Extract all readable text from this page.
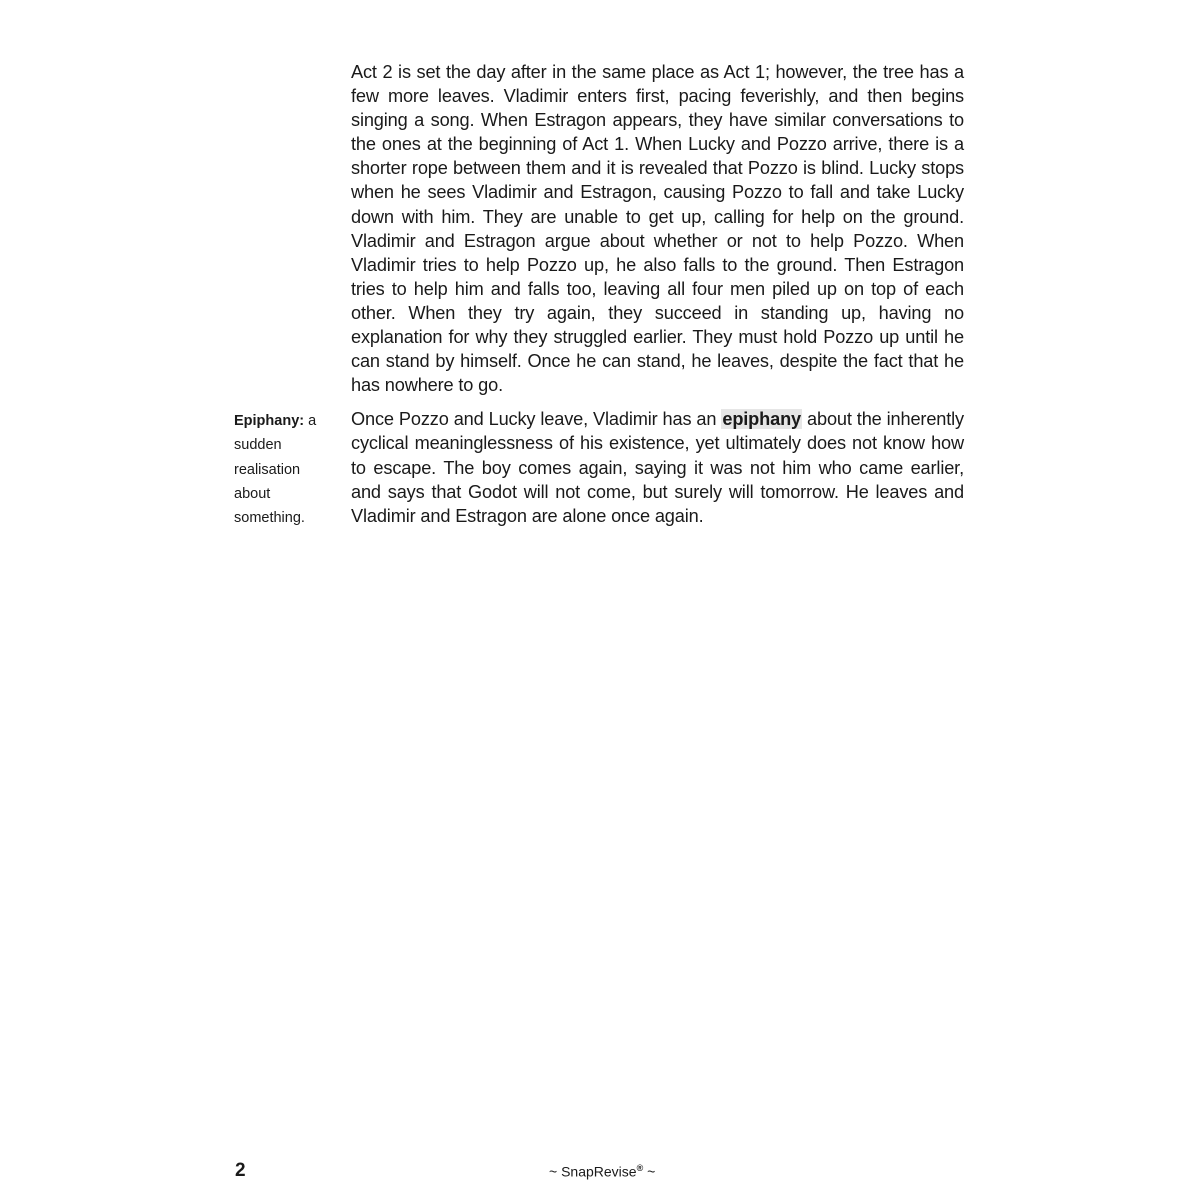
Act 2 is set the day after in the same place as Act 1; however, the tree has a few more leaves. Vladimir enters first, pacing feverishly, and then begins singing a song. When Estragon appears, they have similar conversations to the ones at the beginning of Act 1. When Lucky and Pozzo arrive, there is a shorter rope between them and it is revealed that Pozzo is blind. Lucky stops when he sees Vladimir and Estragon, causing Pozzo to fall and take Lucky down with him. They are unable to get up, calling for help on the ground. Vladimir and Estragon argue about whether or not to help Pozzo. When Vladimir tries to help Pozzo up, he also falls to the ground. Then Estragon tries to help him and falls too, leaving all four men piled up on top of each other. When they try again, they succeed in standing up, having no explanation for why they struggled earlier. They must hold Pozzo up until he can stand by himself. Once he can stand, he leaves, despite the fact that he has nowhere to go.

Epiphany: a sudden realisation about something.

Once Pozzo and Lucky leave, Vladimir has an epiphany about the inherently cyclical meaninglessness of his existence, yet ultimately does not know how to escape. The boy comes again, saying it was not him who came earlier, and says that Godot will not come, but surely will tomorrow. He leaves and Vladimir and Estragon are alone once again.

2	~ SnapRevise® ~
